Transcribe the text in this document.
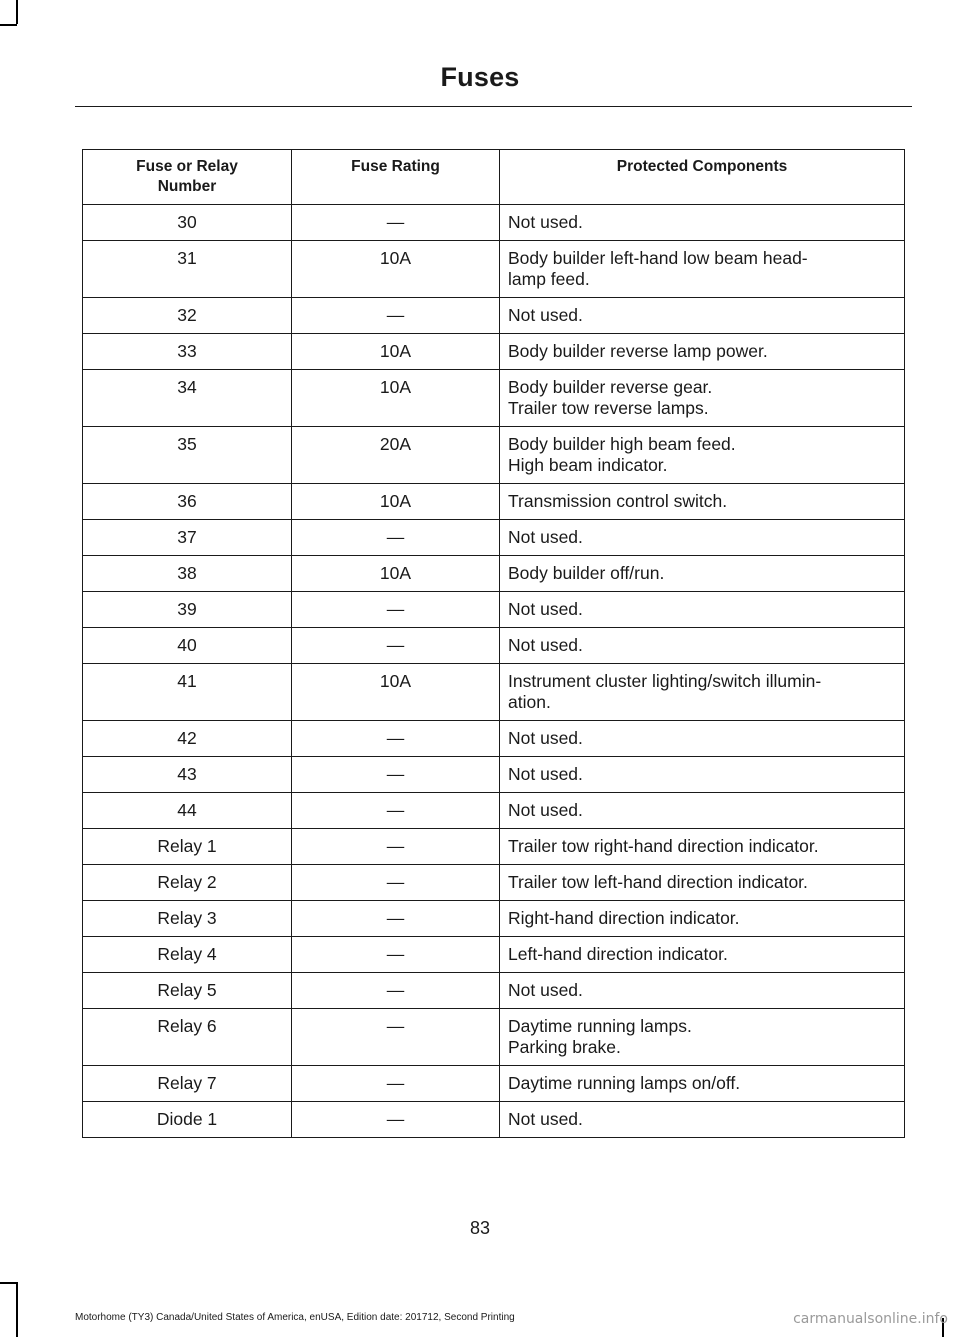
Fuses
Fuse or Relay Number	Fuse Rating	Protected Components
30	—	Not used.

31	10A	Body builder left-hand low beam head-
lamp feed.

32	—	Not used.

33	10A	Body builder reverse lamp power.

34	10A	Body builder reverse gear.
Trailer tow reverse lamps.

35	20A	Body builder high beam feed.
High beam indicator.

36	10A	Transmission control switch.

37	—	Not used.

38	10A	Body builder off/run.

39	—	Not used.

40	—	Not used.

41	10A	Instrument cluster lighting/switch illumin-
ation.

42	—	Not used.

43	—	Not used.

44	—	Not used.

Relay 1	—	Trailer tow right-hand direction indicator.

Relay 2	—	Trailer tow left-hand direction indicator.

Relay 3	—	Right-hand direction indicator.

Relay 4	—	Left-hand direction indicator.

Relay 5	—	Not used.

Relay 6	—	Daytime running lamps.
Parking brake.

Relay 7	—	Daytime running lamps on/off.

Diode 1	—	Not used.
83
Motorhome (TY3) Canada/United States of America, enUSA, Edition date: 201712, Second Printing	carmanualsonline.info
